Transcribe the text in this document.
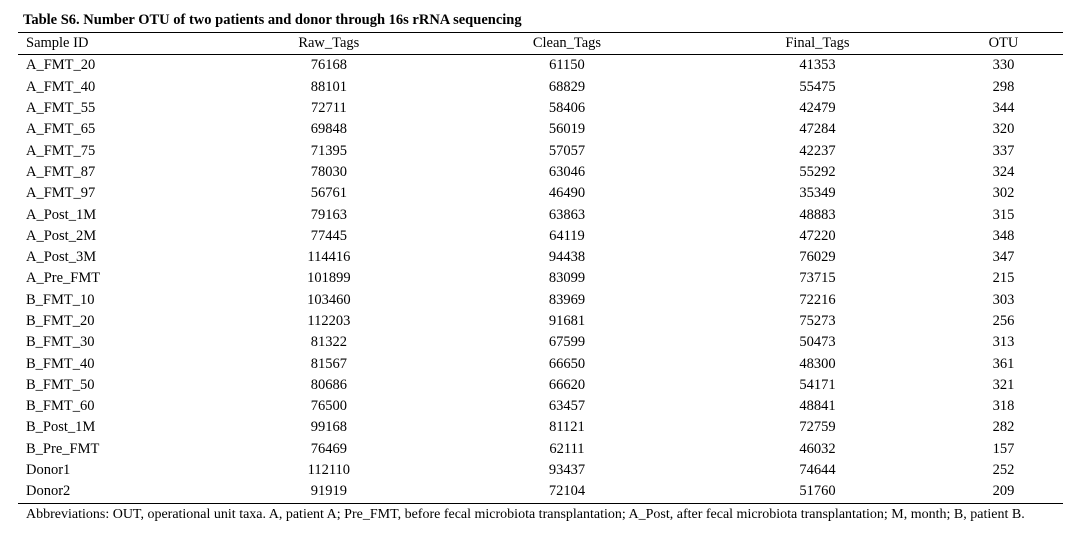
Table S6. Number OTU of two patients and donor through 16s rRNA sequencing
Sample ID	Raw_Tags	Clean_Tags	Final_Tags	OTU
A_FMT_20	76168	61150	41353	330
A_FMT_40	88101	68829	55475	298
A_FMT_55	72711	58406	42479	344
A_FMT_65	69848	56019	47284	320
A_FMT_75	71395	57057	42237	337
A_FMT_87	78030	63046	55292	324
A_FMT_97	56761	46490	35349	302
A_Post_1M	79163	63863	48883	315
A_Post_2M	77445	64119	47220	348
A_Post_3M	114416	94438	76029	347
A_Pre_FMT	101899	83099	73715	215
B_FMT_10	103460	83969	72216	303
B_FMT_20	112203	91681	75273	256
B_FMT_30	81322	67599	50473	313
B_FMT_40	81567	66650	48300	361
B_FMT_50	80686	66620	54171	321
B_FMT_60	76500	63457	48841	318
B_Post_1M	99168	81121	72759	282
B_Pre_FMT	76469	62111	46032	157
Donor1	112110	93437	74644	252
Donor2	91919	72104	51760	209
Abbreviations: OUT, operational unit taxa. A, patient A; Pre_FMT, before fecal microbiota transplantation; A_Post, after fecal microbiota transplantation; M, month; B, patient B.
